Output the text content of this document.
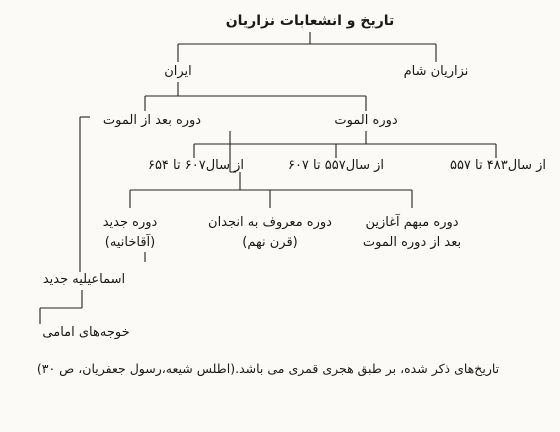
تاریخ و انشعابات نزاریان
ایران	نزاریان شام
دوره بعد از الموت	دوره الموت
از سال۴۸۳ تا ۵۵۷
از سال۵۵۷ تا ۶۰۷
از سال۶۰۷ تا ۶۵۴
دوره مبهم آغازین
بعد از دوره الموت
دوره معروف به انجدان
(قرن نهم)
دوره جدید
(آقاخانیه)
اسماعیلیه جدید
خوجه‌های امامی
تاریخ‌های ذکر شده، بر طبق هجری قمری می باشد.(اطلس شیعه،رسول جعفریان، ص ۳۰)
